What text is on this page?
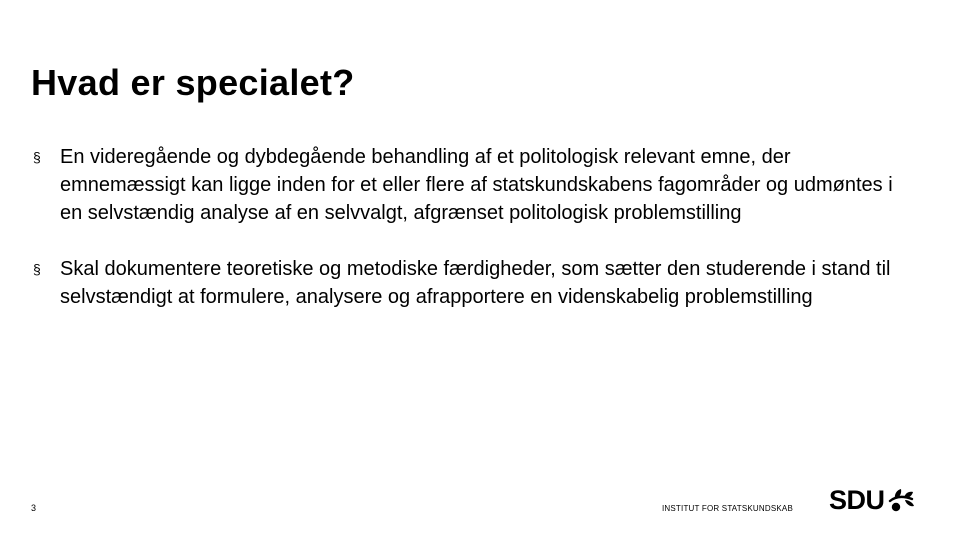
Hvad er specialet?
§ En videregående og dybdegående behandling af et politologisk relevant emne, der emnemæssigt kan ligge inden for et eller flere af statskundskabens fagområder og udmøntes i en selvstændig analyse af en selvvalgt, afgrænset politologisk problemstilling
§ Skal dokumentere teoretiske og metodiske færdigheder, som sætter den studerende i stand til selvstændigt at formulere, analysere og afrapportere en videnskabelig problemstilling
3	INSTITUT FOR STATSKUNDSKAB SDU
